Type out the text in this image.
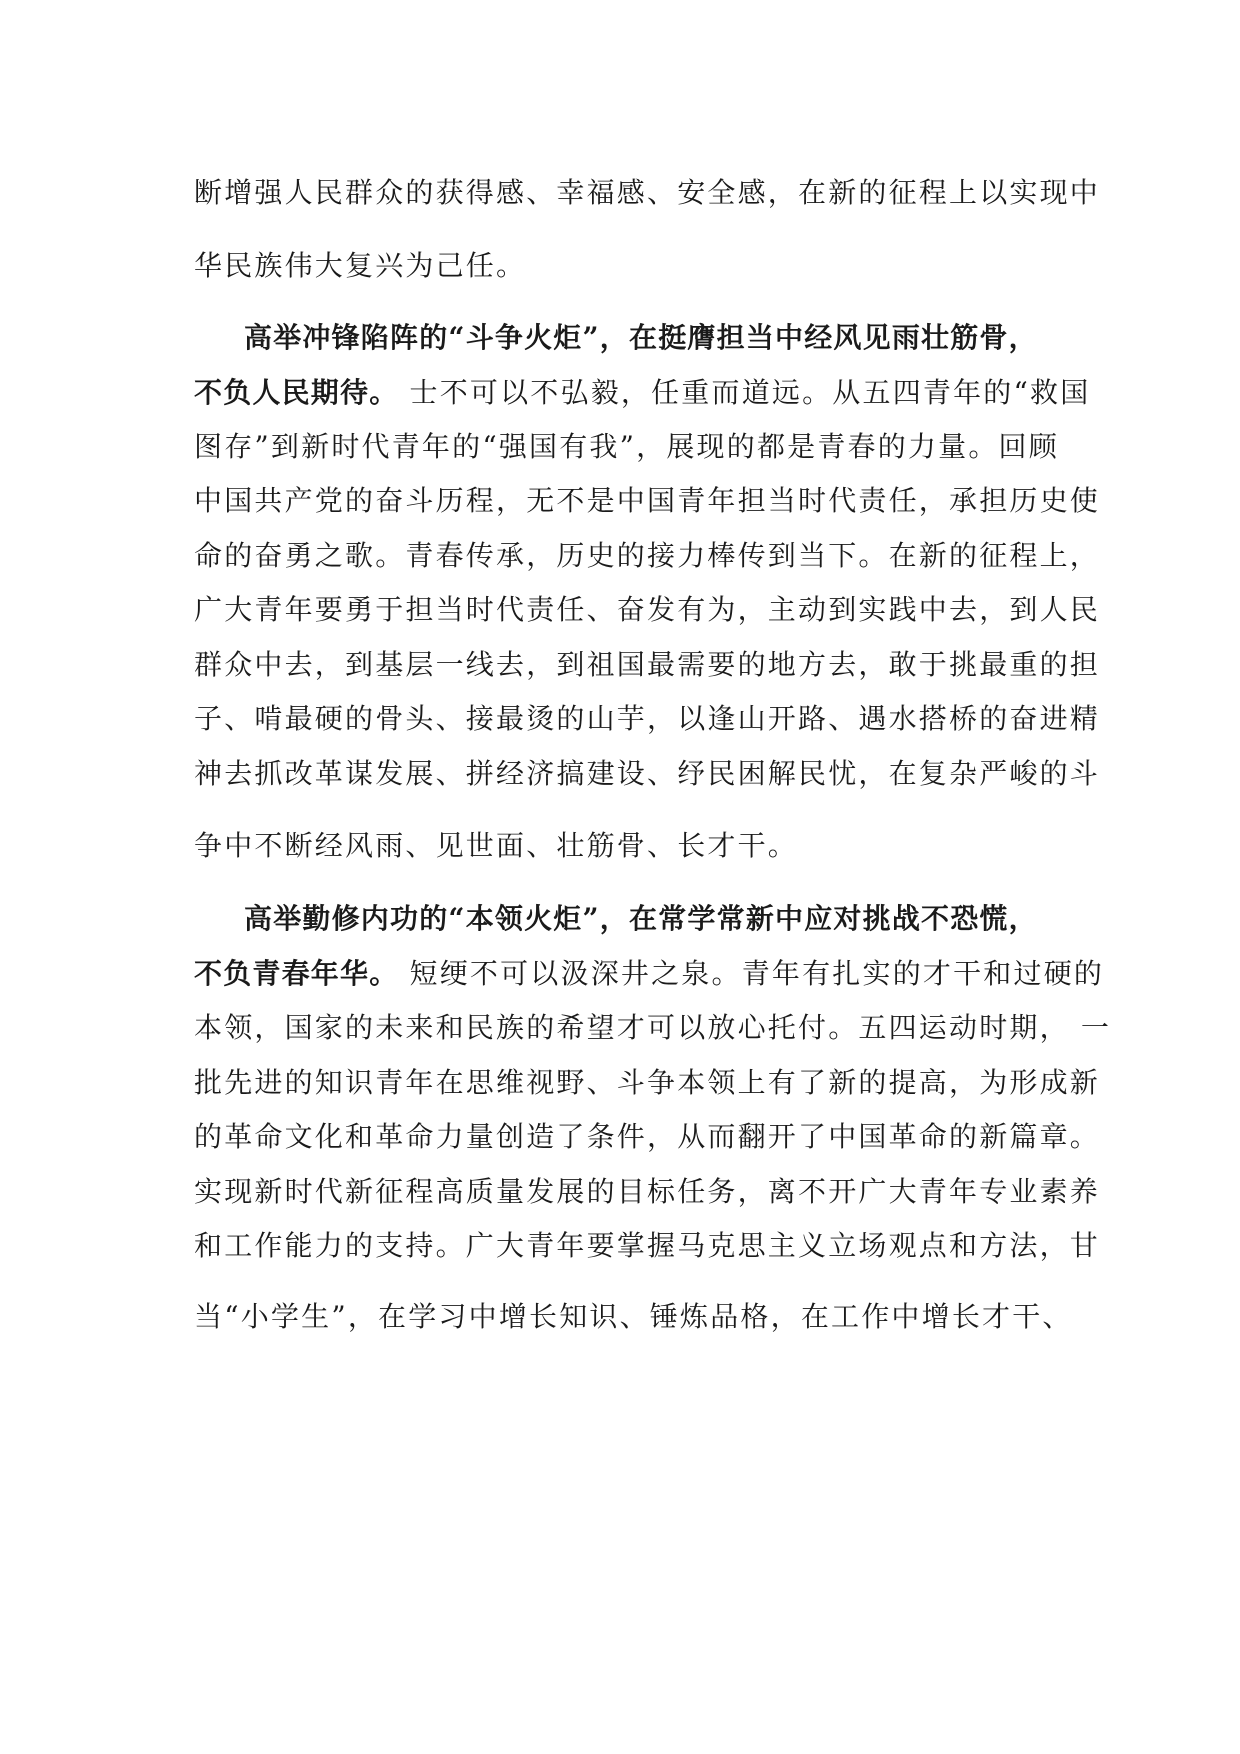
断增强人民群众的获得感、幸福感、安全感，在新的征程上以实现中
华民族伟大复兴为己任。
高举冲锋陷阵的“斗争火炬”，在挺膺担当中经风见雨壮筋骨，
不负人民期待。 士不可以不弘毅，任重而道远。从五四青年的“救国
图存”到新时代青年的“强国有我”，展现的都是青春的力量。回顾
中国共产党的奋斗历程，无不是中国青年担当时代责任，承担历史使
命的奋勇之歌。青春传承，历史的接力棒传到当下。在新的征程上，
广大青年要勇于担当时代责任、奋发有为，主动到实践中去，到人民
群众中去，到基层一线去，到祖国最需要的地方去，敢于挑最重的担
子、啃最硬的骨头、接最烫的山芋，以逢山开路、遇水搭桥的奋进精
神去抓改革谋发展、拼经济搞建设、纾民困解民忧，在复杂严峻的斗
争中不断经风雨、见世面、壮筋骨、长才干。
高举勤修内功的“本领火炬”，在常学常新中应对挑战不恐慌，
不负青春年华。 短绠不可以汲深井之泉。青年有扎实的才干和过硬的
本领，国家的未来和民族的希望才可以放心托付。五四运动时期， 一
批先进的知识青年在思维视野、斗争本领上有了新的提高，为形成新
的革命文化和革命力量创造了条件，从而翻开了中国革命的新篇章。
实现新时代新征程高质量发展的目标任务，离不开广大青年专业素养
和工作能力的支持。广大青年要掌握马克思主义立场观点和方法，甘
当“小学生”，在学习中增长知识、锤炼品格，在工作中增长才干、
